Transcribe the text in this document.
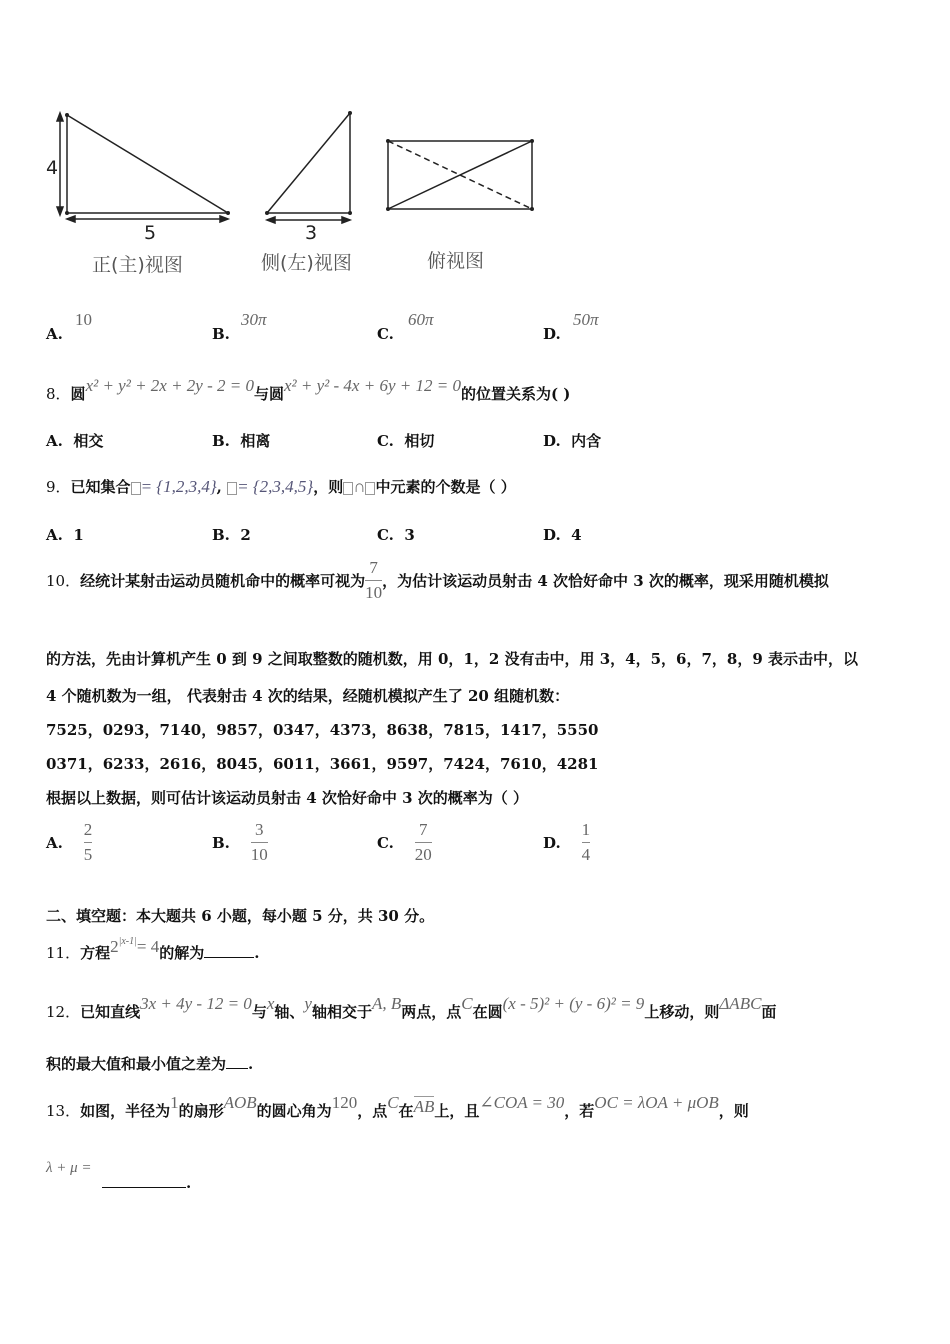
4
5	3
正(主)视图	侧(左)视图	俯视图
A.
10
B.
30π
C.
60π
D.
50π
8．圆x² + y² + 2x + 2y - 2 = 0与圆x² + y² - 4x + 6y + 12 = 0的位置关系为( )
A. 相交	B. 相离	C. 相切	D. 内含
9．已知集合 = {1,2,3,4}, = {2,3,4,5}，则 ∩ 中元素的个数是（ ）
A. 1	B. 2	C. 3	D. 4
10． 经统计某射击运动员随机命中的概率可视为 $\frac{7}{10}$ ，为估计该运动员射击 4 次恰好命中 3 次的概率，现采用随机模拟
的方法，先由计算机产生 0 到 9 之间取整数的随机数，用 0，1，2 没有击中，用 3，4，5，6，7，8，9 表示击中，以
4 个随机数为一组， 代表射击 4 次的结果，经随机模拟产生了 20 组随机数：
7525，0293，7140，9857，0347，4373，8638，7815，1417，5550
0371，6233，2616，8045，6011，3661，9597，7424，7610，4281
根据以上数据，则可估计该运动员射击 4 次恰好命中 3 次的概率为（ ）
A.
$\frac{2}{5}$	B.
$\frac{3}{10}$	C.
$\frac{7}{20}$	D.
$\frac{1}{4}$
二、填空题：本大题共 6 小题，每小题 5 分，共 30 分。
11．方程$2^{|x-1|}= 4$的解为	.
12．已知直线3x + 4y - 12 = 0与x轴、y轴相交于A, B两点，点C在圆(x - 5)² + (y - 6)² = 9上移动，则ΔABC面
积的最大值和最小值之差为 .
13．如图，半径为1的扇形AOB的圆心角为120，点C在AB上，且∠COA = 30，若OC = λOA + μOB，则
λ + μ =  .
